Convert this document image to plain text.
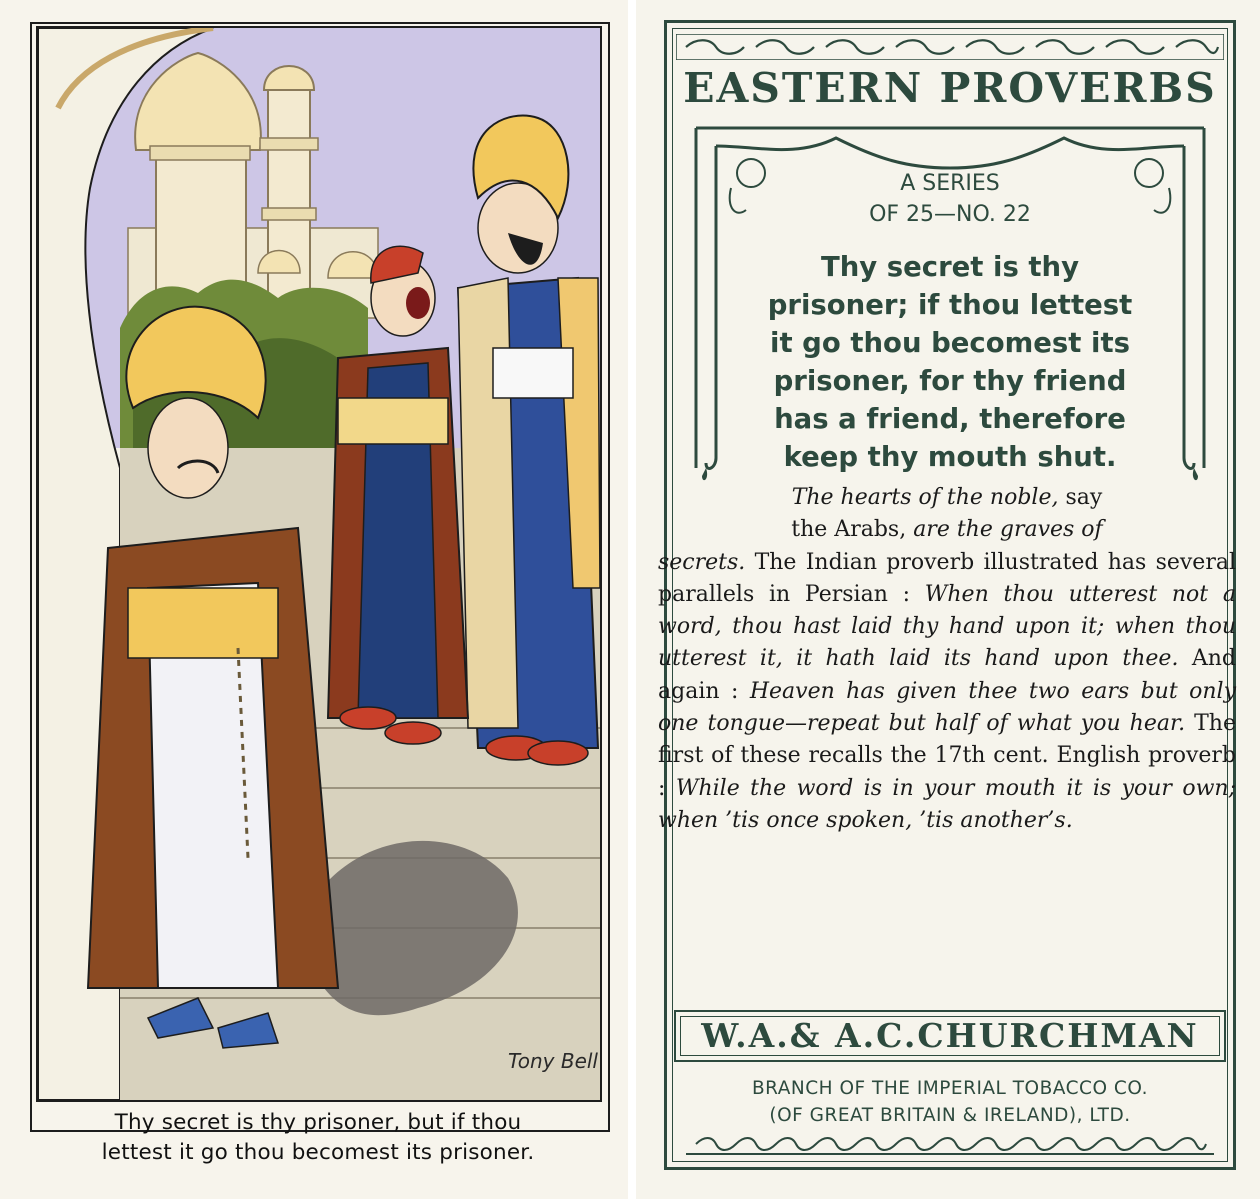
Tony Bell
Thy secret is thy prisoner, but if thou
lettest it go thou becomest its prisoner.
EASTERN PROVERBS
A SERIES
OF 25—NO. 22
Thy secret is thy
prisoner; if thou lettest
it go thou becomest its
prisoner, for thy friend
has a friend, therefore
keep thy mouth shut.
W.A.& A.C.CHURCHMAN
BRANCH OF THE IMPERIAL TOBACCO CO.
(OF GREAT BRITAIN & IRELAND), LTD.
The hearts of the noble, say
the Arabs, are the graves of
secrets. The Indian proverb illustrated has several parallels in Persian : When thou utterest not a word, thou hast laid thy hand upon it; when thou utterest it, it hath laid its hand upon thee. And again : Heaven has given thee two ears but only one tongue—repeat but half of what you hear. The first of these recalls the 17th cent. English proverb : While the word is in your mouth it is your own; when ’tis once spoken, ’tis another’s.
